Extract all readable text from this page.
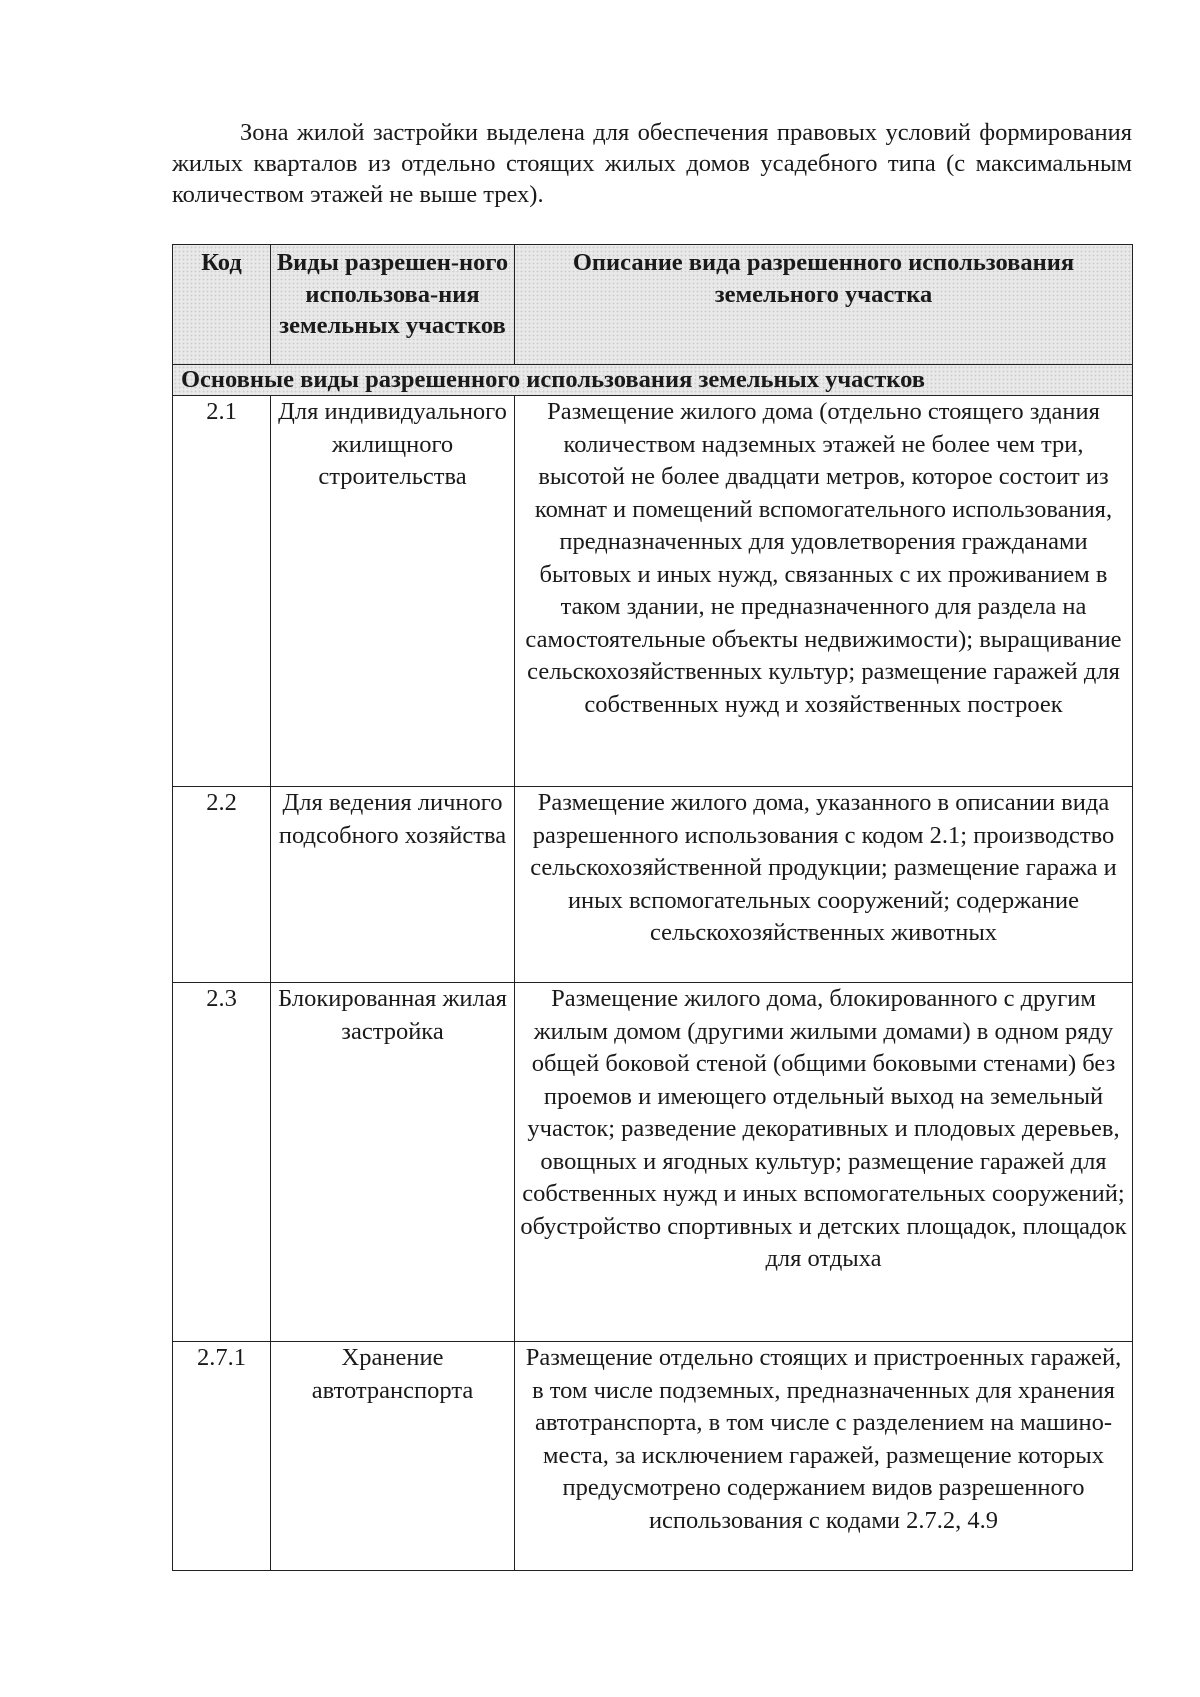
Зона жилой застройки выделена для обеспечения правовых условий формирования жилых кварталов из отдельно стоящих жилых домов усадебного типа (с максимальным количеством этажей не выше трех).

Код	Виды разрешен-ного использова-ния земельных участков	Описание вида разрешенного использования земельного участка
Основные виды разрешенного использования земельных участков		
2.1	Для индивидуального жилищного строительства	Размещение жилого дома (отдельно стоящего здания количеством надземных этажей не более чем три, высотой не более двадцати метров, которое состоит из комнат и помещений вспомогательного использования, предназначенных для удовлетворения гражданами бытовых и иных нужд, связанных с их проживанием в таком здании, не предназначенного для раздела на самостоятельные объекты недвижимости); выращивание сельскохозяйственных культур; размещение гаражей для собственных нужд и хозяйственных построек
2.2	Для ведения личного подсобного хозяйства	Размещение жилого дома, указанного в описании вида разрешенного использования с кодом 2.1; производство сельскохозяйственной продукции; размещение гаража и иных вспомогательных сооружений; содержание сельскохозяйственных животных
2.3	Блокированная жилая застройка	Размещение жилого дома, блокированного с другим жилым домом (другими жилыми домами) в одном ряду общей боковой стеной (общими боковыми стенами) без проемов и имеющего отдельный выход на земельный участок; разведение декоративных и плодовых деревьев, овощных и ягодных культур; размещение гаражей для собственных нужд и иных вспомогательных сооружений; обустройство спортивных и детских площадок, площадок для отдыха
2.7.1	Хранение автотранспорта	Размещение отдельно стоящих и пристроенных гаражей, в том числе подземных, предназначенных для хранения автотранспорта, в том числе с разделением на машино-места, за исключением гаражей, размещение которых предусмотрено содержанием видов разрешенного использования с кодами 2.7.2, 4.9
